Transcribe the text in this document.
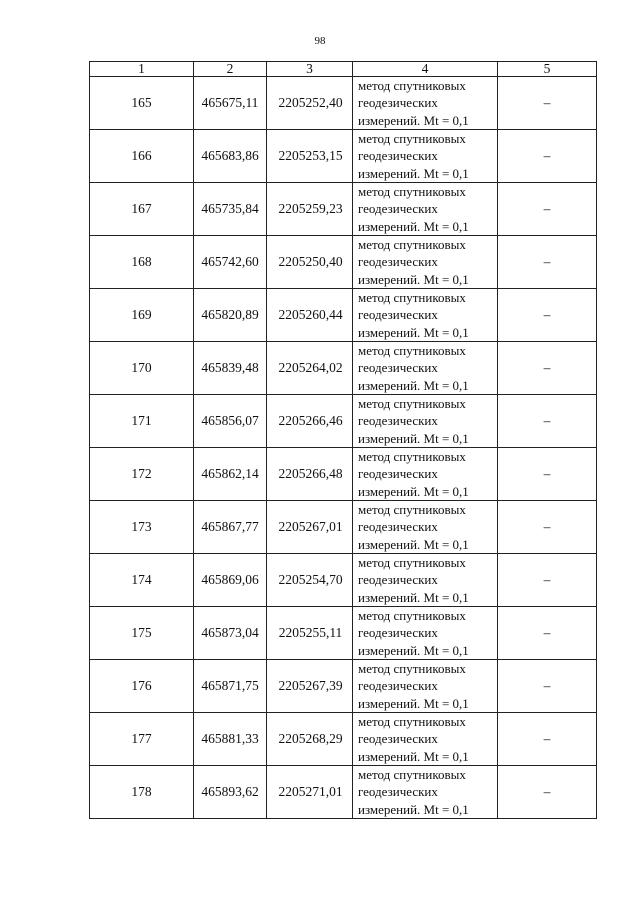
98
1	2	3	4	5
165	465675,11	2205252,40	метод спутниковых
геодезических
измерений. Mt = 0,1	–
166	465683,86	2205253,15	метод спутниковых
геодезических
измерений. Mt = 0,1	–
167	465735,84	2205259,23	метод спутниковых
геодезических
измерений. Mt = 0,1	–
168	465742,60	2205250,40	метод спутниковых
геодезических
измерений. Mt = 0,1	–
169	465820,89	2205260,44	метод спутниковых
геодезических
измерений. Mt = 0,1	–
170	465839,48	2205264,02	метод спутниковых
геодезических
измерений. Mt = 0,1	–
171	465856,07	2205266,46	метод спутниковых
геодезических
измерений. Mt = 0,1	–
172	465862,14	2205266,48	метод спутниковых
геодезических
измерений. Mt = 0,1	–
173	465867,77	2205267,01	метод спутниковых
геодезических
измерений. Mt = 0,1	–
174	465869,06	2205254,70	метод спутниковых
геодезических
измерений. Mt = 0,1	–
175	465873,04	2205255,11	метод спутниковых
геодезических
измерений. Mt = 0,1	–
176	465871,75	2205267,39	метод спутниковых
геодезических
измерений. Mt = 0,1	–
177	465881,33	2205268,29	метод спутниковых
геодезических
измерений. Mt = 0,1	–
178	465893,62	2205271,01	метод спутниковых
геодезических
измерений. Mt = 0,1	–
